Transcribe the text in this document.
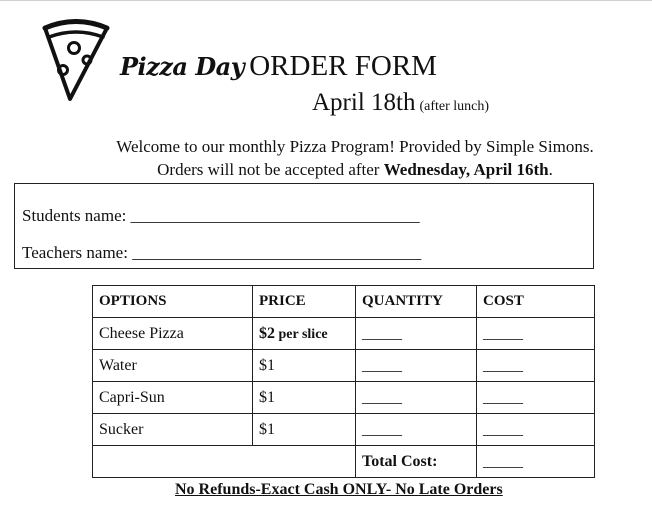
Pizza Day ORDER FORM
April 18th (after lunch)
Welcome to our monthly Pizza Program! Provided by Simple Simons.
Orders will not be accepted after Wednesday, April 16th.
Students name: __________________________________
Teachers name: __________________________________
OPTIONS	PRICE	QUANTITY	COST
Cheese Pizza	$2 per slice	_____	_____
Water	$1	_____	_____
Capri-Sun	$1	_____	_____
Sucker	$1	_____	_____
		Total Cost:	_____
No Refunds-Exact Cash ONLY- No Late Orders
